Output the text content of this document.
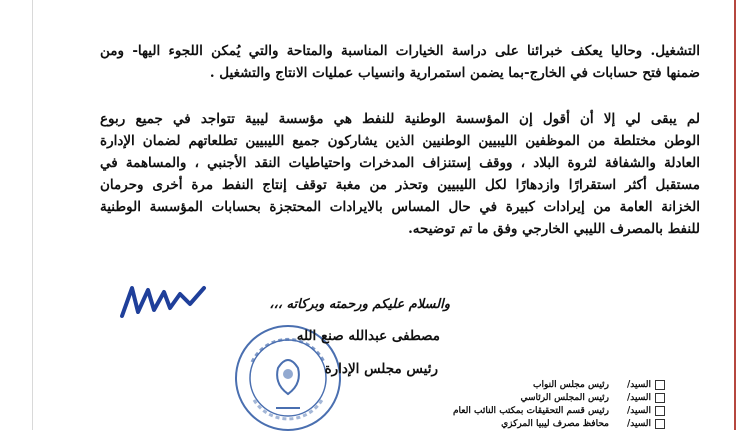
التشغيل. وحاليا يعكف خبرائنا على دراسة الخيارات المناسبة والمتاحة والتي يُمكن اللجوء اليها- ومن
ضمنها فتح حسابات في الخارج-بما يضمن استمرارية وانسياب عمليات الانتاج والتشغيل .
لم يبقى لي إلا أن أقول إن المؤسسة الوطنية للنفط هي مؤسسة ليبية تتواجد في جميع ربوع
الوطن مختلطة من الموظفين الليبيين الوطنيين الذين يشاركون جميع الليبيين تطلعاتهم لضمان الإدارة
العادلة والشفافة لثروة البلاد ، ووقف إستنزاف المدخرات واحتياطيات النقد الأجنبي ، والمساهمة في
مستقبل أكثر استقرارًا وازدهارًا لكل الليبيين وتحذر من مغبة توقف إنتاج النفط مرة أخرى وحرمان
الخزانة العامة من إيرادات كبيرة في حال المساس بالايرادات المحتجزة بحسابات المؤسسة الوطنية
للنفط بالمصرف الليبي الخارجي وفق ما تم توضيحه.
والسلام عليكم ورحمته وبركاته ،،،
مصطفى عبدالله صنع الله
رئيس مجلس الإدارة
السيد/
رئيس مجلس النواب
السيد/
رئيس المجلس الرئاسي
السيد/
رئيس قسم التحقيقات بمكتب النائب العام
السيد/
محافظ مصرف ليبيا المركزي
